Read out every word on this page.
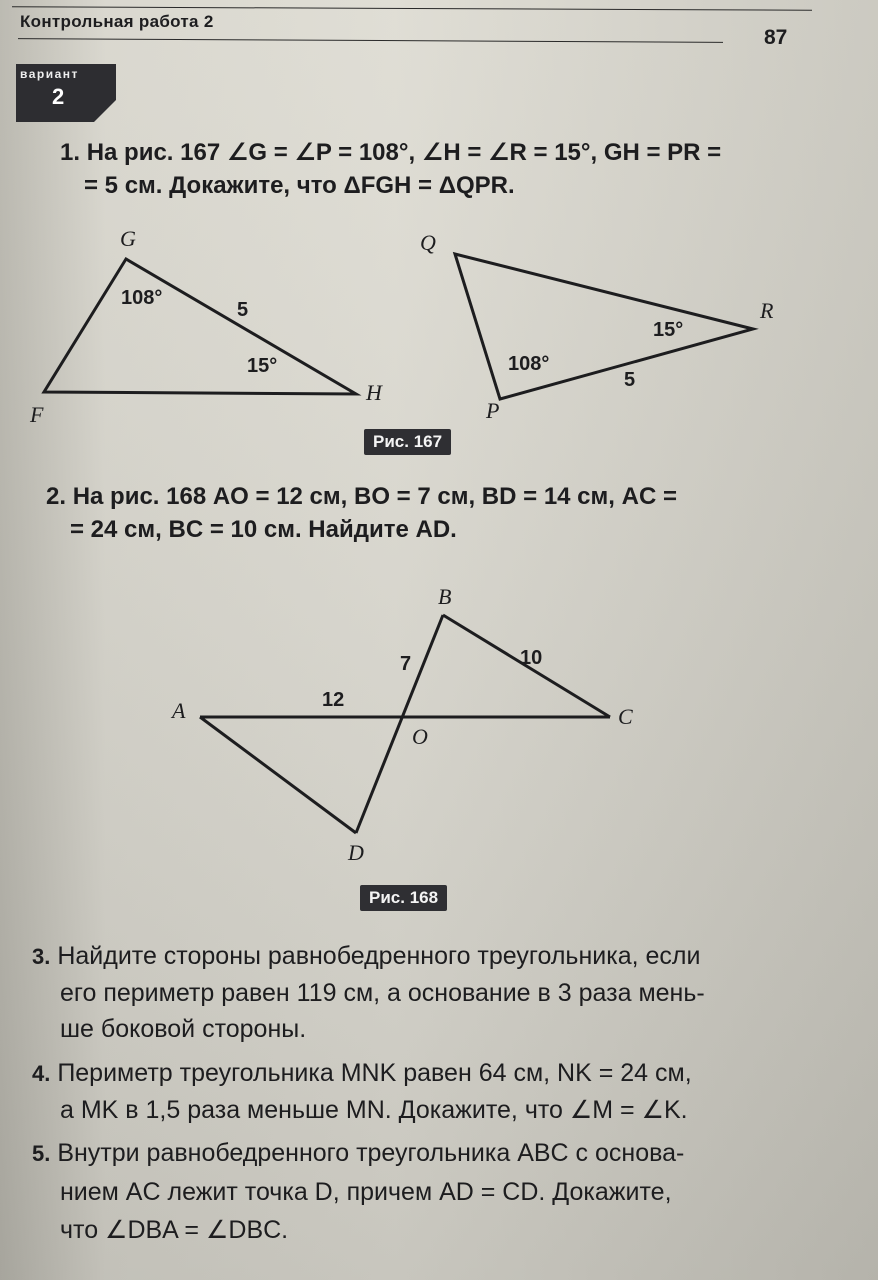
Контрольная работа 2
87
вариант
2
1. На рис. 167 ∠G = ∠P = 108°, ∠H = ∠R = 15°, GH = PR =
= 5 см. Докажите, что ΔFGH = ΔQPR.
G
F
H
108°
5
15°
Q
P
R
15°
108°
5
Рис. 167
2. На рис. 168 AO = 12 см, BO = 7 см, BD = 14 см, AC =
= 24 см, BC = 10 см. Найдите AD.
B
A	C
D
O
7	10
12
Рис. 168
3. Найдите стороны равнобедренного треугольника, если
его периметр равен 119 см, а основание в 3 раза мень-
ше боковой стороны.
4. Периметр треугольника MNK равен 64 см, NK = 24 см,
а MK в 1,5 раза меньше MN. Докажите, что ∠M = ∠K.
5. Внутри равнобедренного треугольника ABC с основа-
нием AC лежит точка D, причем AD = CD. Докажите,
что ∠DBA = ∠DBC.
